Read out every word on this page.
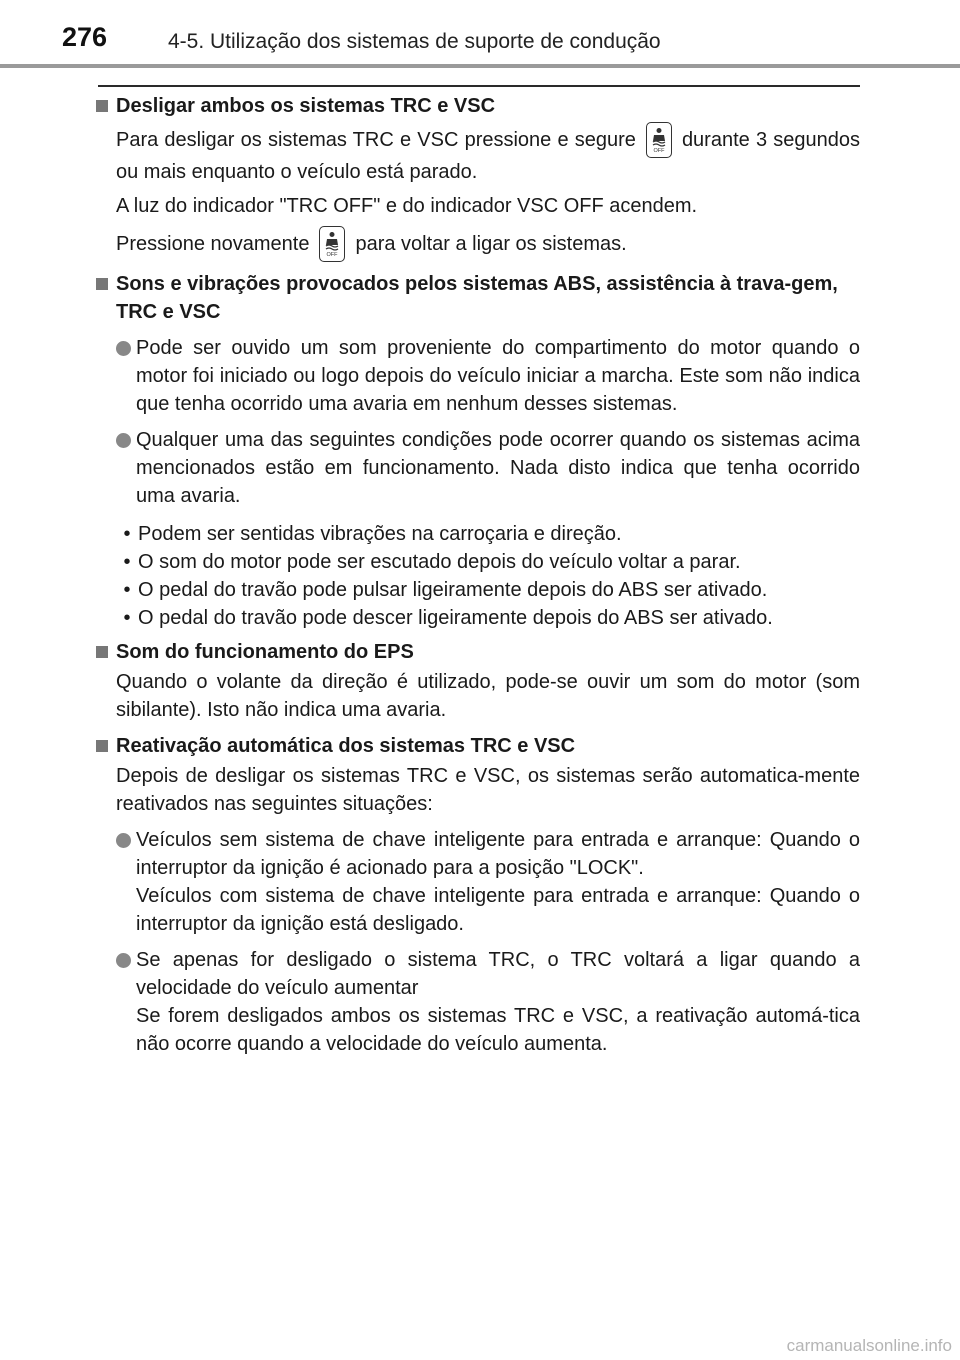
276	4-5. Utilização dos sistemas de suporte de condução
Desligar ambos os sistemas TRC e VSC

Para desligar os sistemas TRC e VSC pressione e segure	OFF durante 3 segundos ou mais enquanto o veículo está parado.

A luz do indicador "TRC OFF" e do indicador VSC OFF acendem.

Pressione novamente	OFF para voltar a ligar os sistemas.

Sons e vibrações provocados pelos sistemas ABS, assistência à trava-gem, TRC e VSC

Pode ser ouvido um som proveniente do compartimento do motor quando o motor foi iniciado ou logo depois do veículo iniciar a marcha. Este som não indica que tenha ocorrido uma avaria em nenhum desses sistemas.

Qualquer uma das seguintes condições pode ocorrer quando os sistemas acima mencionados estão em funcionamento. Nada disto indica que tenha ocorrido uma avaria.

• Podem ser sentidas vibrações na carroçaria e direção.
• O som do motor pode ser escutado depois do veículo voltar a parar.
• O pedal do travão pode pulsar ligeiramente depois do ABS ser ativado.
• O pedal do travão pode descer ligeiramente depois do ABS ser ativado.
Som do funcionamento do EPS

Quando o volante da direção é utilizado, pode-se ouvir um som do motor (som sibilante). Isto não indica uma avaria.

Reativação automática dos sistemas TRC e VSC

Depois de desligar os sistemas TRC e VSC, os sistemas serão automatica-mente reativados nas seguintes situações:

Veículos sem sistema de chave inteligente para entrada e arranque: Quando o interruptor da ignição é acionado para a posição "LOCK".

Veículos com sistema de chave inteligente para entrada e arranque: Quando o interruptor da ignição está desligado.

Se apenas for desligado o sistema TRC, o TRC voltará a ligar quando a velocidade do veículo aumentar

Se forem desligados ambos os sistemas TRC e VSC, a reativação automá-tica não ocorre quando a velocidade do veículo aumenta.

carmanualsonline.info
